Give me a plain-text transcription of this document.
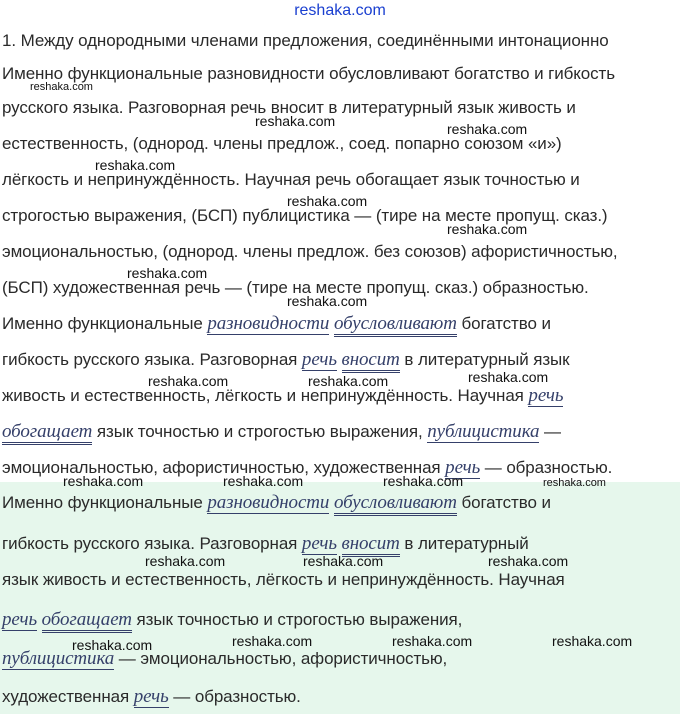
reshaka.com
1. Между однородными членами предложения, соединёнными интонационно
Именно функциональные разновидности обусловливают богатство и гибкость
русского языка. Разговорная речь вносит в литературный язык живость и
естественность, (однород. члены предлож., соед. попарно союзом «и»)
лёгкость и непринуждённость. Научная речь обогащает язык точностью и
строгостью выражения, (БСП) публицистика — (тире на месте пропущ. сказ.)
эмоциональностью, (однород. члены предлож. без союзов) афористичностью,
(БСП) художественная речь — (тире на месте пропущ. сказ.) образностью.
Именно функциональные разновидности обусловливают богатство и
гибкость русского языка. Разговорная речь вносит в литературный язык
живость и естественность, лёгкость и непринуждённость. Научная речь
обогащает язык точностью и строгостью выражения, публицистика —
эмоциональностью, афористичностью, художественная речь — образностью.
Именно функциональные разновидности обусловливают богатство и
гибкость русского языка. Разговорная речь вносит в литературный
язык живость и естественность, лёгкость и непринуждённость. Научная
речь обогащает язык точностью и строгостью выражения,
публицистика — эмоциональностью, афористичностью,
художественная речь — образностью.
reshaka.com
reshaka.com	reshaka.com
reshaka.com
reshaka.com
reshaka.com
reshaka.com
reshaka.com
reshaka.com	reshaka.com	reshaka.com
reshaka.com	reshaka.com	reshaka.com	reshaka.com
reshaka.com	reshaka.com	reshaka.com
reshaka.com	reshaka.com	reshaka.com	reshaka.com
